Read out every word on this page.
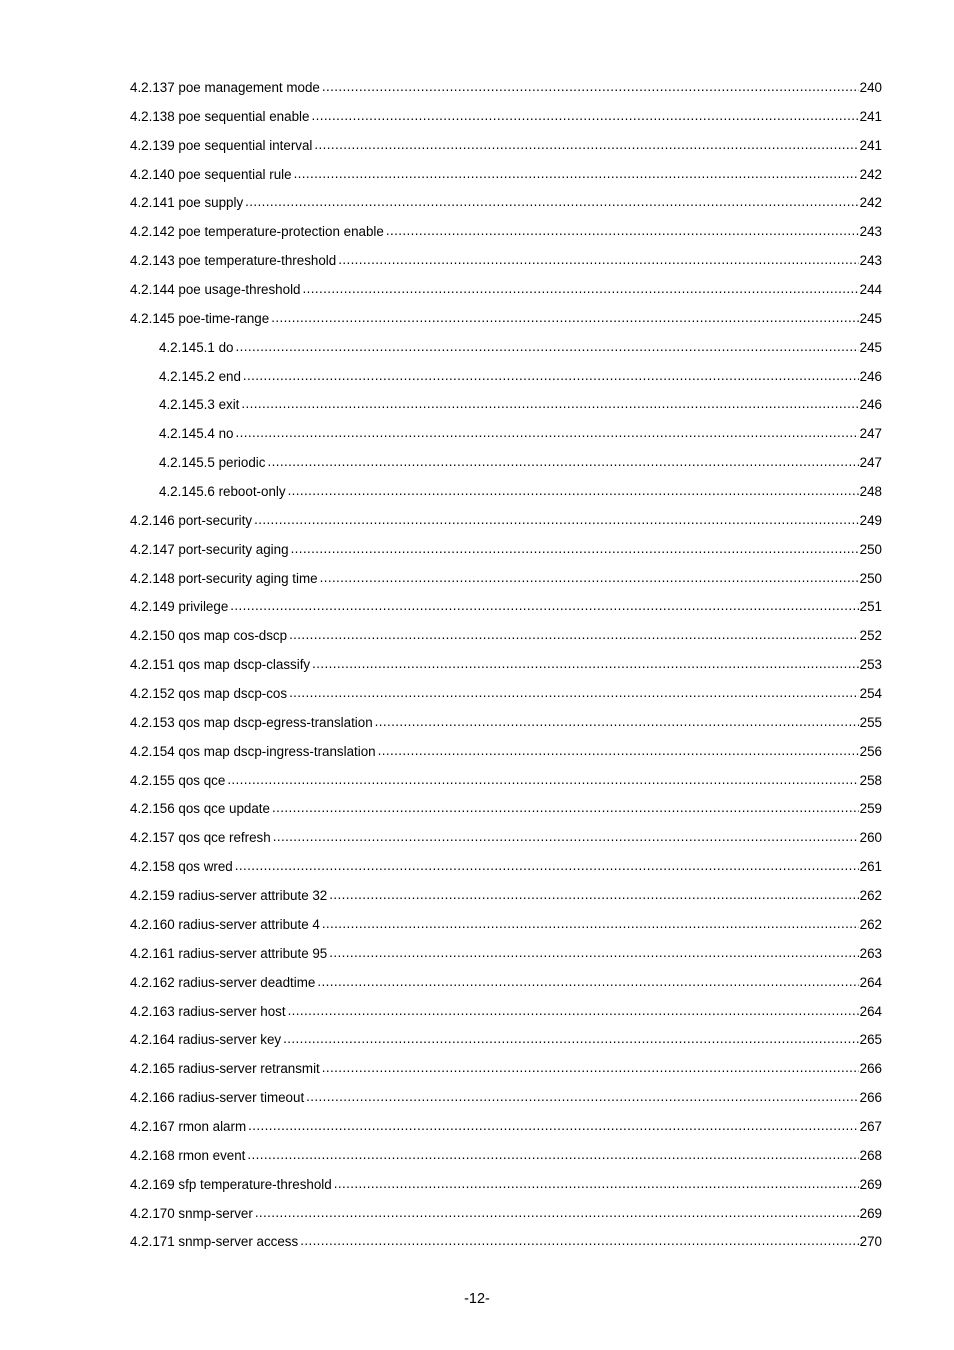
4.2.137 poe management mode .....	240
4.2.138 poe sequential enable .....	241
4.2.139 poe sequential interval .....	241
4.2.140 poe sequential rule .....	242
4.2.141 poe supply .....	242
4.2.142 poe temperature-protection enable .....	243
4.2.143 poe temperature-threshold .....	243
4.2.144 poe usage-threshold .....	244
4.2.145 poe-time-range .....	245
4.2.145.1 do .....	245
4.2.145.2 end .....	246
4.2.145.3 exit .....	246
4.2.145.4 no .....	247
4.2.145.5 periodic .....	247
4.2.145.6 reboot-only .....	248
4.2.146 port-security .....	249
4.2.147 port-security aging .....	250
4.2.148 port-security aging time .....	250
4.2.149 privilege .....	251
4.2.150 qos map cos-dscp .....	252
4.2.151 qos map dscp-classify .....	253
4.2.152 qos map dscp-cos .....	254
4.2.153 qos map dscp-egress-translation .....	255
4.2.154 qos map dscp-ingress-translation .....	256
4.2.155 qos qce .....	258
4.2.156 qos qce update .....	259
4.2.157 qos qce refresh .....	260
4.2.158 qos wred .....	261
4.2.159 radius-server attribute 32 .....	262
4.2.160 radius-server attribute 4 .....	262
4.2.161 radius-server attribute 95 .....	263
4.2.162 radius-server deadtime .....	264
4.2.163 radius-server host .....	264
4.2.164 radius-server key .....	265
4.2.165 radius-server retransmit .....	266
4.2.166 radius-server timeout .....	266
4.2.167 rmon alarm .....	267
4.2.168 rmon event .....	268
4.2.169 sfp temperature-threshold .....	269
4.2.170 snmp-server .....	269
4.2.171 snmp-server access .....	270
-12-
